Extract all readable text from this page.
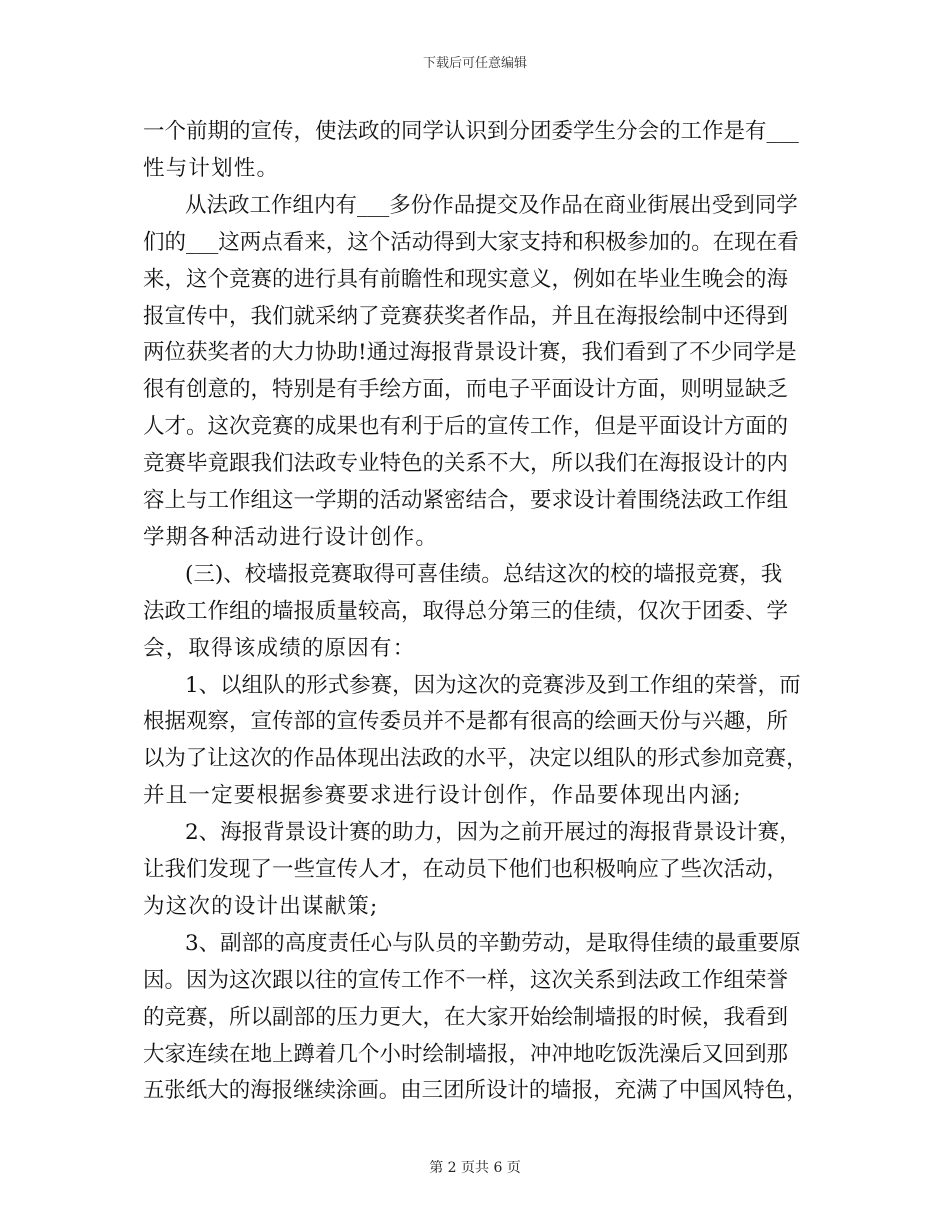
下载后可任意编辑
一个前期的宣传，使法政的同学认识到分团委学生分会的工作是有___
性与计划性。
从法政工作组内有___多份作品提交及作品在商业街展出受到同学
们的___这两点看来，这个活动得到大家支持和积极参加的。在现在看
来，这个竞赛的进行具有前瞻性和现实意义，例如在毕业生晚会的海
报宣传中，我们就采纳了竞赛获奖者作品，并且在海报绘制中还得到
两位获奖者的大力协助!通过海报背景设计赛，我们看到了不少同学是
很有创意的，特别是有手绘方面，而电子平面设计方面，则明显缺乏
人才。这次竞赛的成果也有利于后的宣传工作，但是平面设计方面的
竞赛毕竟跟我们法政专业特色的关系不大，所以我们在海报设计的内
容上与工作组这一学期的活动紧密结合，要求设计着围绕法政工作组
学期各种活动进行设计创作。
(三)、校墙报竞赛取得可喜佳绩。总结这次的校的墙报竞赛，我
法政工作组的墙报质量较高，取得总分第三的佳绩，仅次于团委、学
会，取得该成绩的原因有：
1、以组队的形式参赛，因为这次的竞赛涉及到工作组的荣誉，而
根据观察，宣传部的宣传委员并不是都有很高的绘画天份与兴趣，所
以为了让这次的作品体现出法政的水平，决定以组队的形式参加竞赛，
并且一定要根据参赛要求进行设计创作，作品要体现出内涵;
2、海报背景设计赛的助力，因为之前开展过的海报背景设计赛，
让我们发现了一些宣传人才，在动员下他们也积极响应了些次活动，
为这次的设计出谋献策;
3、副部的高度责任心与队员的辛勤劳动，是取得佳绩的最重要原
因。因为这次跟以往的宣传工作不一样，这次关系到法政工作组荣誉
的竞赛，所以副部的压力更大，在大家开始绘制墙报的时候，我看到
大家连续在地上蹲着几个小时绘制墙报，冲冲地吃饭洗澡后又回到那
五张纸大的海报继续涂画。由三团所设计的墙报，充满了中国风特色，
第 2 页共 6 页
